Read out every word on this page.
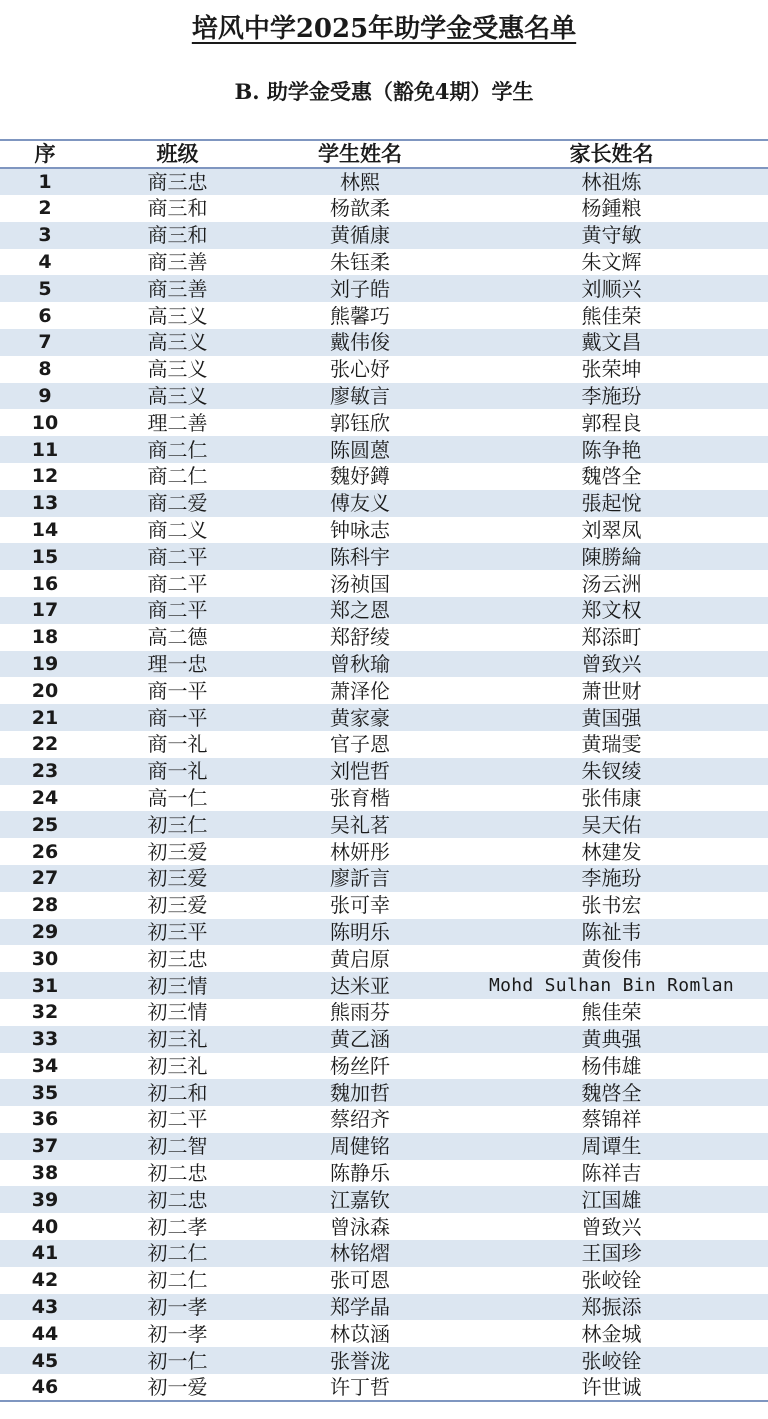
培风中学2025年助学金受惠名单
B. 助学金受惠（豁免4期）学生
序	班级	学生姓名	家长姓名
1	商三忠	林熙	林祖炼
2	商三和	杨歆柔	杨鍾粮
3	商三和	黄循康	黄守敏
4	商三善	朱钰柔	朱文辉
5	商三善	刘子皓	刘顺兴
6	高三义	熊馨巧	熊佳荣
7	高三义	戴伟俊	戴文昌
8	高三义	张心妤	张荣坤
9	高三义	廖敏言	李施玢
10	理二善	郭钰欣	郭程良
11	商二仁	陈圆蒽	陈争艳
12	商二仁	魏妤鐏	魏啓全
13	商二爱	傅友义	張起悅
14	商二义	钟咏志	刘翠凤
15	商二平	陈科宇	陳勝綸
16	商二平	汤祯国	汤云洲
17	商二平	郑之恩	郑文权
18	高二德	郑舒绫	郑添町
19	理一忠	曾秋瑜	曾致兴
20	商一平	萧泽伦	萧世财
21	商一平	黄家豪	黄国强
22	商一礼	官子恩	黄瑞雯
23	商一礼	刘恺哲	朱钗绫
24	高一仁	张育楷	张伟康
25	初三仁	吴礼茗	吴天佑
26	初三爱	林妍彤	林建发
27	初三爱	廖訢言	李施玢
28	初三爱	张可幸	张书宏
29	初三平	陈明乐	陈祉韦
30	初三忠	黄启原	黄俊伟
31	初三情	达米亚	Mohd Sulhan Bin Romlan
32	初三情	熊雨芬	熊佳荣
33	初三礼	黄乙涵	黄典强
34	初三礼	杨丝阡	杨伟雄
35	初二和	魏加哲	魏啓全
36	初二平	蔡绍齐	蔡锦祥
37	初二智	周健铭	周谭生
38	初二忠	陈静乐	陈祥吉
39	初二忠	江嘉钦	江国雄
40	初二孝	曾泳森	曾致兴
41	初二仁	林铭熠	王国珍
42	初二仁	张可恩	张峧铨
43	初一孝	郑学晶	郑振添
44	初一孝	林苡涵	林金城
45	初一仁	张誉泷	张峧铨
46	初一爱	许丁哲	许世诚
